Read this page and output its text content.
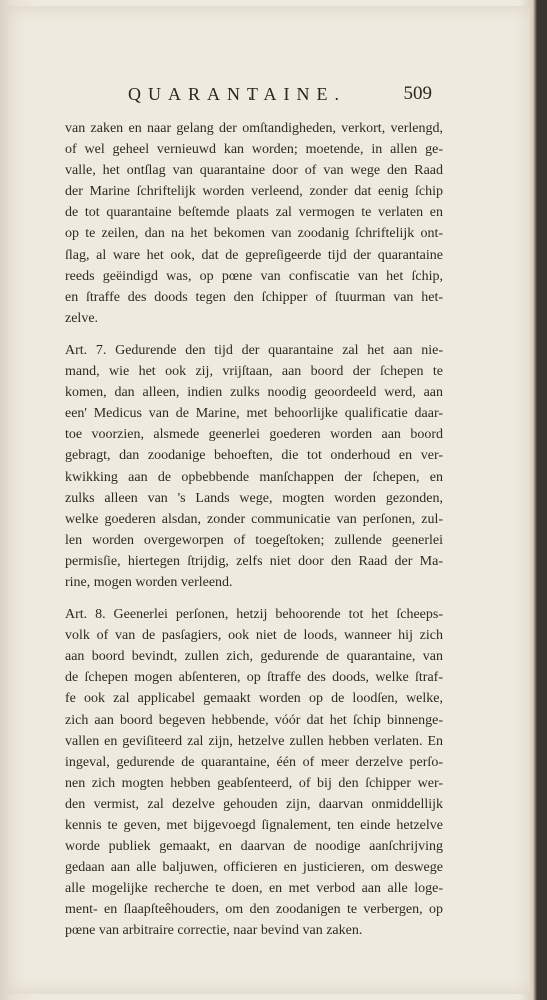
QUARANTAINE.	509
van zaken en naar gelang der omſtandigheden, verkort, verlengd,
of wel geheel vernieuwd kan worden; moetende, in allen ge-
valle, het ontſlag van quarantaine door of van wege den Raad
der Marine ſchriftelijk worden verleend, zonder dat eenig ſchip
de tot quarantaine beſtemde plaats zal vermogen te verlaten en
op te zeilen, dan na het bekomen van zoodanig ſchriftelijk ont-
ſlag, al ware het ook, dat de gepreſigeerde tijd der quarantaine
reeds geëindigd was, op pœne van confiscatie van het ſchip,
en ſtraffe des doods tegen den ſchipper of ſtuurman van het-
zelve.
Art. 7. Gedurende den tijd der quarantaine zal het aan nie-
mand, wie het ook zij, vrijſtaan, aan boord der ſchepen te
komen, dan alleen, indien zulks noodig geoordeeld werd, aan
een' Medicus van de Marine, met behoorlijke qualificatie daar-
toe voorzien, alsmede geenerlei goederen worden aan boord
gebragt, dan zoodanige behoeften, die tot onderhoud en ver-
kwikking aan de opbebbende manſchappen der ſchepen, en
zulks alleen van 's Lands wege, mogten worden gezonden,
welke goederen alsdan, zonder communicatie van perſonen, zul-
len worden overgeworpen of toegeſtoken; zullende geenerlei
permisſie, hiertegen ſtrijdig, zelfs niet door den Raad der Ma-
rine, mogen worden verleend.
Art. 8. Geenerlei perſonen, hetzij behoorende tot het ſcheeps-
volk of van de pasſagiers, ook niet de loods, wanneer hij zich
aan boord bevindt, zullen zich, gedurende de quarantaine, van
de ſchepen mogen abſenteren, op ſtraffe des doods, welke ſtraf-
fe ook zal applicabel gemaakt worden op de loodſen, welke,
zich aan boord begeven hebbende, vóór dat het ſchip binnenge-
vallen en geviſiteerd zal zijn, hetzelve zullen hebben verlaten. En
ingeval, gedurende de quarantaine, één of meer derzelve perſo-
nen zich mogten hebben geabſenteerd, of bij den ſchipper wer-
den vermist, zal dezelve gehouden zijn, daarvan onmiddellijk
kennis te geven, met bijgevoegd ſignalement, ten einde hetzelve
worde publiek gemaakt, en daarvan de noodige aanſchrijving
gedaan aan alle baljuwen, officieren en justicieren, om deswege
alle mogelijke recherche te doen, en met verbod aan alle loge-
ment- en ſlaapſteêhouders, om den zoodanigen te verbergen, op
pœne van arbitraire correctie, naar bevind van zaken.
